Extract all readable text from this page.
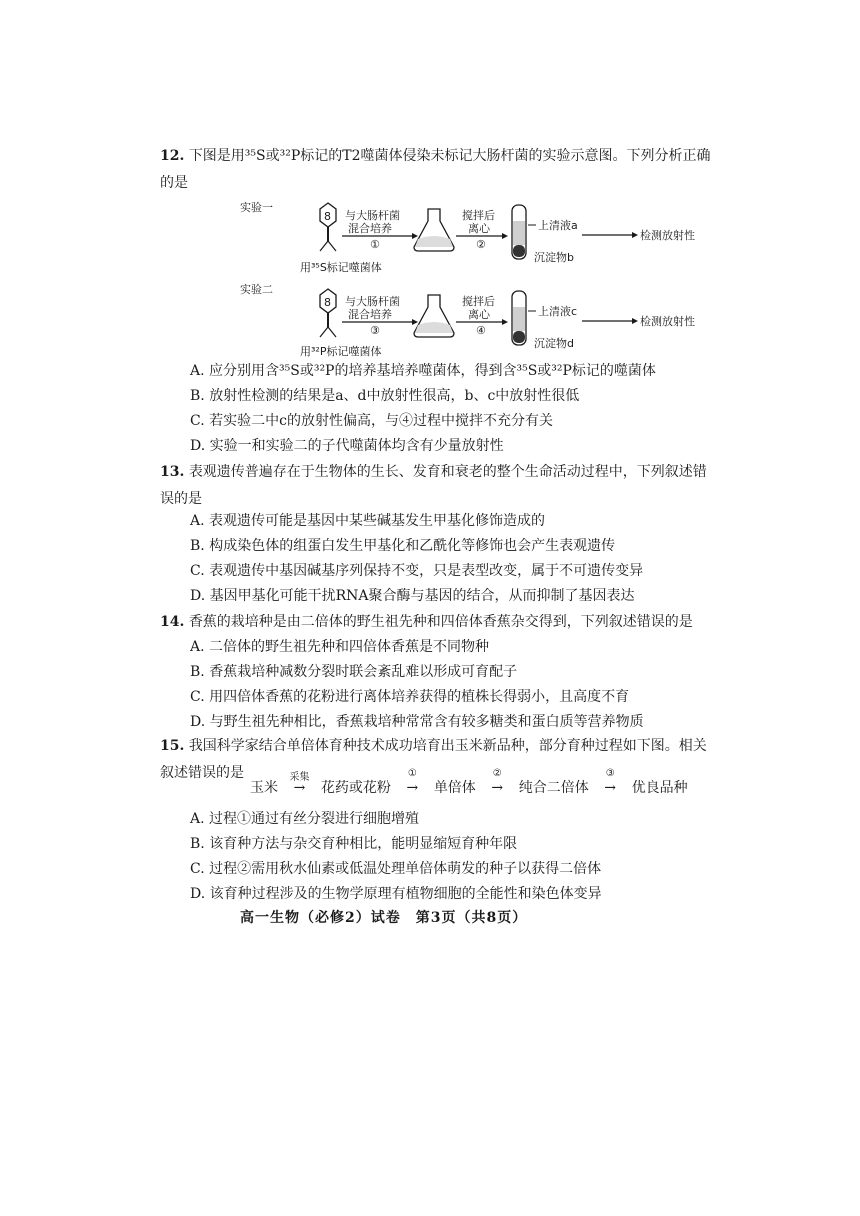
12. 下图是用³⁵S或³²P标记的T2噬菌体侵染未标记大肠杆菌的实验示意图。下列分析正确的是
实验一
8 与大肠杆菌
混合培养
①
搅拌后
离心
②
上清液a
沉淀物b
检测放射性
用³⁵S标记噬菌体
实验二
8 与大肠杆菌
混合培养
③
搅拌后
离心
④
上清液c
沉淀物d
检测放射性
用³²P标记噬菌体
A. 应分别用含³⁵S或³²P的培养基培养噬菌体，得到含³⁵S或³²P标记的噬菌体
B. 放射性检测的结果是a、d中放射性很高，b、c中放射性很低
C. 若实验二中c的放射性偏高，与④过程中搅拌不充分有关
D. 实验一和实验二的子代噬菌体均含有少量放射性
13. 表观遗传普遍存在于生物体的生长、发育和衰老的整个生命活动过程中，下列叙述错误的是
A. 表观遗传可能是基因中某些碱基发生甲基化修饰造成的
B. 构成染色体的组蛋白发生甲基化和乙酰化等修饰也会产生表观遗传
C. 表观遗传中基因碱基序列保持不变，只是表型改变，属于不可遗传变异
D. 基因甲基化可能干扰RNA聚合酶与基因的结合，从而抑制了基因表达
14. 香蕉的栽培种是由二倍体的野生祖先种和四倍体香蕉杂交得到，下列叙述错误的是
A. 二倍体的野生祖先种和四倍体香蕉是不同物种
B. 香蕉栽培种减数分裂时联会紊乱难以形成可育配子
C. 用四倍体香蕉的花粉进行离体培养获得的植株长得弱小，且高度不育
D. 与野生祖先种相比，香蕉栽培种常常含有较多糖类和蛋白质等营养物质
15. 我国科学家结合单倍体育种技术成功培育出玉米新品种，部分育种过程如下图。相关叙述错误的是
玉米
采集
→ 花药或花粉
①
→ 单倍体
②
→ 纯合二倍体
③
→ 优良品种
A. 过程①通过有丝分裂进行细胞增殖
B. 该育种方法与杂交育种相比，能明显缩短育种年限
C. 过程②需用秋水仙素或低温处理单倍体萌发的种子以获得二倍体
D. 该育种过程涉及的生物学原理有植物细胞的全能性和染色体变异
高一生物（必修2）试卷　第3页（共8页）
